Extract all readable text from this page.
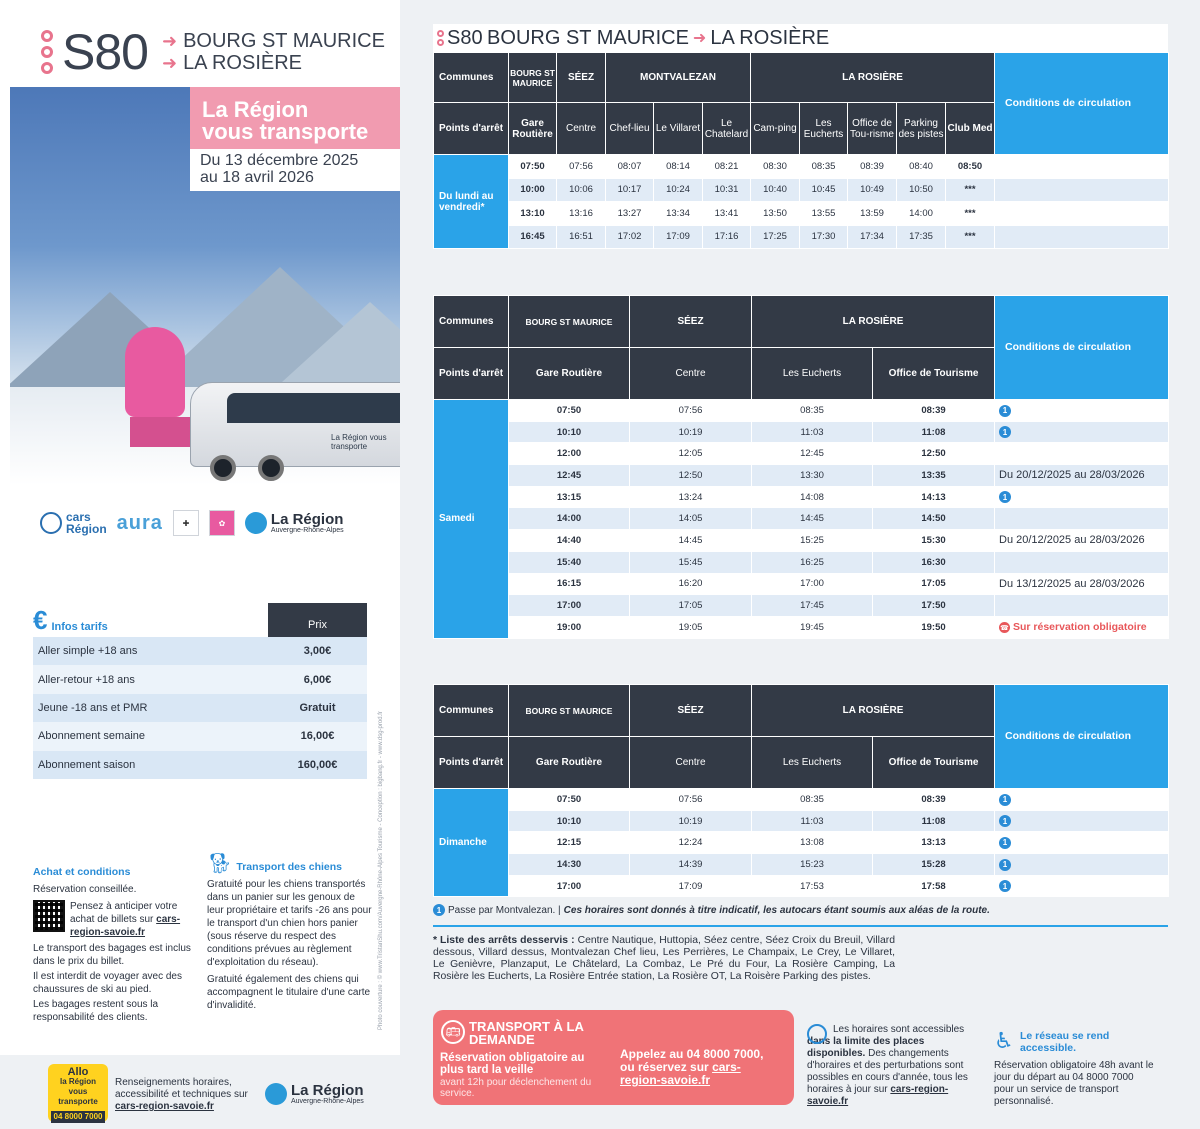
S80 ➜ BOURG ST MAURICE
➜ LA ROSIÈRE
La Région vous transporte
La Région
vous transporte
Du 13 décembre 2025
au 18 avril 2026
cars
Région aura	✚	✿	La Région
Auvergne-Rhône-Alpes
€ Infos tarifs	Prix
Aller simple +18 ans	3,00€
Aller-retour +18 ans	6,00€
Jeune -18 ans et PMR	Gratuit
Abonnement semaine	16,00€
Abonnement saison	160,00€	Photo couverture : © www.TristanShu.com/Auvergne-Rhône-Alpes Tourisme - Conception : bigbang.fr - www.dsg-prod.fr
Achat et conditions

Réservation conseillée.

Pensez à anticiper votre achat de billets sur cars-region-savoie.fr

Le transport des bagages est inclus dans le prix du billet.

Il est interdit de voyager avec des chaussures de ski au pied.

Les bagages restent sous la responsabilité des clients.

🐕︎ Transport des chiens

Gratuité pour les chiens transportés dans un panier sur les genoux de leur propriétaire et tarifs -26 ans pour le transport d'un chien hors panier (sous réserve du respect des conditions prévues au règlement d'exploitation du réseau).

Gratuité également des chiens qui accompagnent le titulaire d'une carte d'invalidité.

Allo
la Région
vous transporte
04 8000 7000
Renseignements horaires, accessibilité et techniques sur cars-region-savoie.fr
La Région
Auvergne-Rhône-Alpes
S80
BOURG ST MAURICE ➜ LA ROSIÈRE
Communes	BOURG ST MAURICE	SÉEZ	MONTVALEZAN			LA ROSIÈRE					Conditions de circulation
Points d'arrêt	Gare Routière	Centre	Chef-lieu	Le Villaret	Le Chatelard	Cam-ping	Les Eucherts	Office de Tou-risme	Parking des pistes	Club Med	
Du lundi au vendredi*	07:50	07:56	08:07	08:14	08:21	08:30	08:35	08:39	08:40	08:50	
	10:00	10:06	10:17	10:24	10:31	10:40	10:45	10:49	10:50	***	
	13:10	13:16	13:27	13:34	13:41	13:50	13:55	13:59	14:00	***	
	16:45	16:51	17:02	17:09	17:16	17:25	17:30	17:34	17:35	***	
Communes	BOURG ST MAURICE	SÉEZ	LA ROSIÈRE		Conditions de circulation
Points d'arrêt	Gare Routière	Centre	Les Eucherts	Office de Tourisme	
Samedi	07:50	07:56	08:35	08:39	1
	10:10	10:19	11:03	11:08	1
	12:00	12:05	12:45	12:50	
	12:45	12:50	13:30	13:35	Du 20/12/2025 au 28/03/2026
	13:15	13:24	14:08	14:13	1
	14:00	14:05	14:45	14:50	
	14:40	14:45	15:25	15:30	Du 20/12/2025 au 28/03/2026
	15:40	15:45	16:25	16:30	
	16:15	16:20	17:00	17:05	Du 13/12/2025 au 28/03/2026
	17:00	17:05	17:45	17:50	
	19:00	19:05	19:45	19:50	☎ Sur réservation obligatoire
Communes	BOURG ST MAURICE	SÉEZ	LA ROSIÈRE		Conditions de circulation
Points d'arrêt	Gare Routière	Centre	Les Eucherts	Office de Tourisme	
Dimanche	07:50	07:56	08:35	08:39	1
	10:10	10:19	11:03	11:08	1
	12:15	12:24	13:08	13:13	1
	14:30	14:39	15:23	15:28	1
	17:00	17:09	17:53	17:58	1
1 Passe par Montvalezan. | Ces horaires sont donnés à titre indicatif, les autocars étant soumis aux aléas de la route.
* Liste des arrêts desservis : Centre Nautique, Huttopia, Séez centre, Séez Croix du Breuil, Villard dessous, Villard dessus, Montvalezan Chef lieu, Les Perrières, Le Champaix, Le Crey, Le Villaret, Le Genièvre, Planzaput, Le Châtelard, La Combaz, Le Pré du Four, La Rosière Camping, La Rosière les Eucherts, La Rosière Entrée station, La Rosière OT, La Roisère Parking des pistes.
🚌︎ TRANSPORT À LA DEMANDE
Réservation obligatoire au plus tard la veille
avant 12h pour déclenchement du service.
Appelez au 04 8000 7000, ou réservez sur cars-region-savoie.fr
Les horaires sont accessibles
dans la limite des places disponibles. Des changements d'horaires et des perturbations sont possibles en cours d'année, tous les horaires à jour sur cars-region-savoie.fr
♿︎ Le réseau se rend accessible.
Réservation obligatoire 48h avant le jour du départ au 04 8000 7000 pour un service de transport personnalisé.
